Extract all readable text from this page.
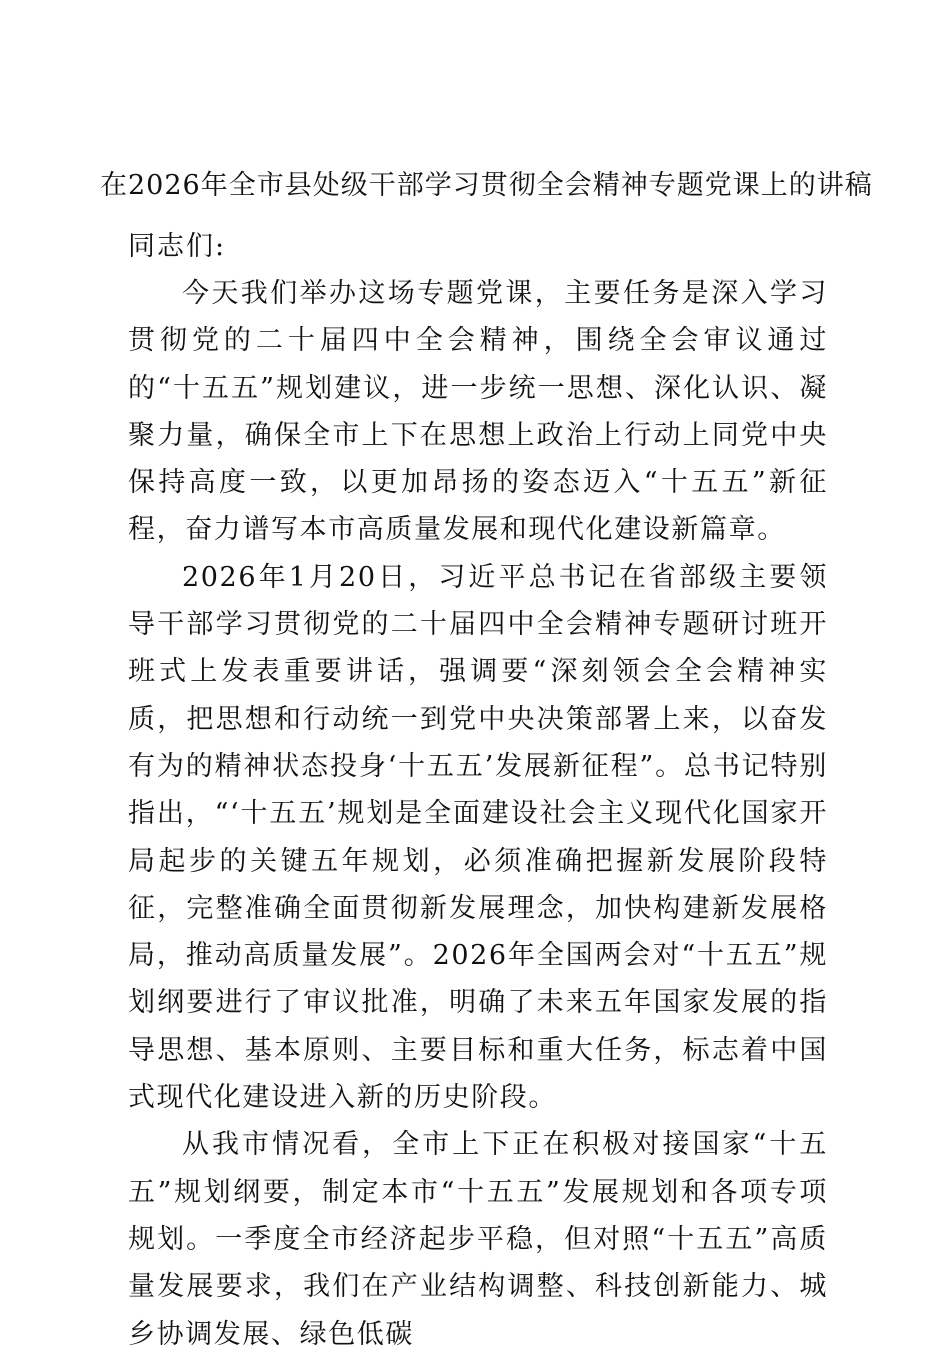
在2026年全市县处级干部学习贯彻全会精神专题党课上的讲稿

同志们:

今天我们举办这场专题党课，主要任务是深入学习贯彻党的二十届四中全会精神，围绕全会审议通过的“十五五”规划建议，进一步统一思想、深化认识、凝聚力量，确保全市上下在思想上政治上行动上同党中央保持高度一致，以更加昂扬的姿态迈入“十五五”新征程，奋力谱写本市高质量发展和现代化建设新篇章。

2026年1月20日，习近平总书记在省部级主要领导干部学习贯彻党的二十届四中全会精神专题研讨班开班式上发表重要讲话，强调要“深刻领会全会精神实质，把思想和行动统一到党中央决策部署上来，以奋发有为的精神状态投身‘十五五’发展新征程”。总书记特别指出，“‘十五五’规划是全面建设社会主义现代化国家开局起步的关键五年规划，必须准确把握新发展阶段特征，完整准确全面贯彻新发展理念，加快构建新发展格局，推动高质量发展”。2026年全国两会对“十五五”规划纲要进行了审议批准，明确了未来五年国家发展的指导思想、基本原则、主要目标和重大任务，标志着中国式现代化建设进入新的历史阶段。

从我市情况看，全市上下正在积极对接国家“十五五”规划纲要，制定本市“十五五”发展规划和各项专项规划。一季度全市经济起步平稳，但对照“十五五”高质量发展要求，我们在产业结构调整、科技创新能力、城乡协调发展、绿色低碳
